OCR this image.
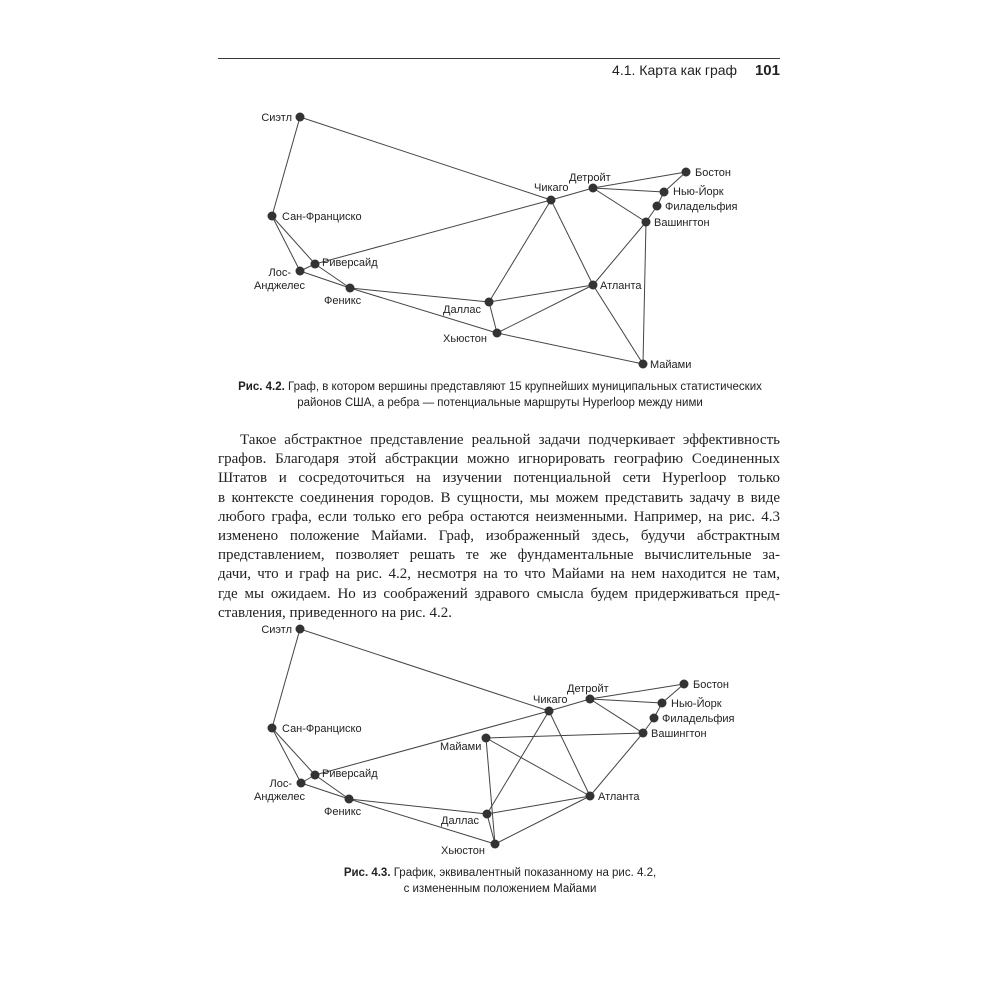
4.1. Карта как граф 101
Сиэтл
Сан-Франциско
Лос-
Анджелес
Риверсайд
Феникс
Даллас
Хьюстон
Чикаго
Детройт	Бостон
Нью-Йорк
Филадельфия
Вашингтон
Атланта
Майами
Рис. 4.2. Граф, в котором вершины представляют 15 крупнейших муниципальных статистических
районов США, а ребра — потенциальные маршруты Hyperloop между ними
Такое абстрактное представление реальной задачи подчеркивает эффективность
графов. Благодаря этой абстракции можно игнорировать географию Соединенных
Штатов и сосредоточиться на изучении потенциальной сети Hyperloop только
в контексте соединения городов. В сущности, мы можем представить задачу в виде
любого графа, если только его ребра остаются неизменными. Например, на рис. 4.3
изменено положение Майами. Граф, изображенный здесь, будучи абстрактным
представлением, позволяет решать те же фундаментальные вычислительные за-
дачи, что и граф на рис. 4.2, несмотря на то что Майами на нем находится не там,
где мы ожидаем. Но из соображений здравого смысла будем придерживаться пред-
ставления, приведенного на рис. 4.2.
Сиэтл
Сан-Франциско
Лос-
Анджелес
Риверсайд
Феникс
Даллас
Хьюстон
Чикаго
Детройт	Бостон
Нью-Йорк
Филадельфия
Вашингтон
Атланта
Майами
Рис. 4.3. График, эквивалентный показанному на рис. 4.2,
с измененным положением Майами
